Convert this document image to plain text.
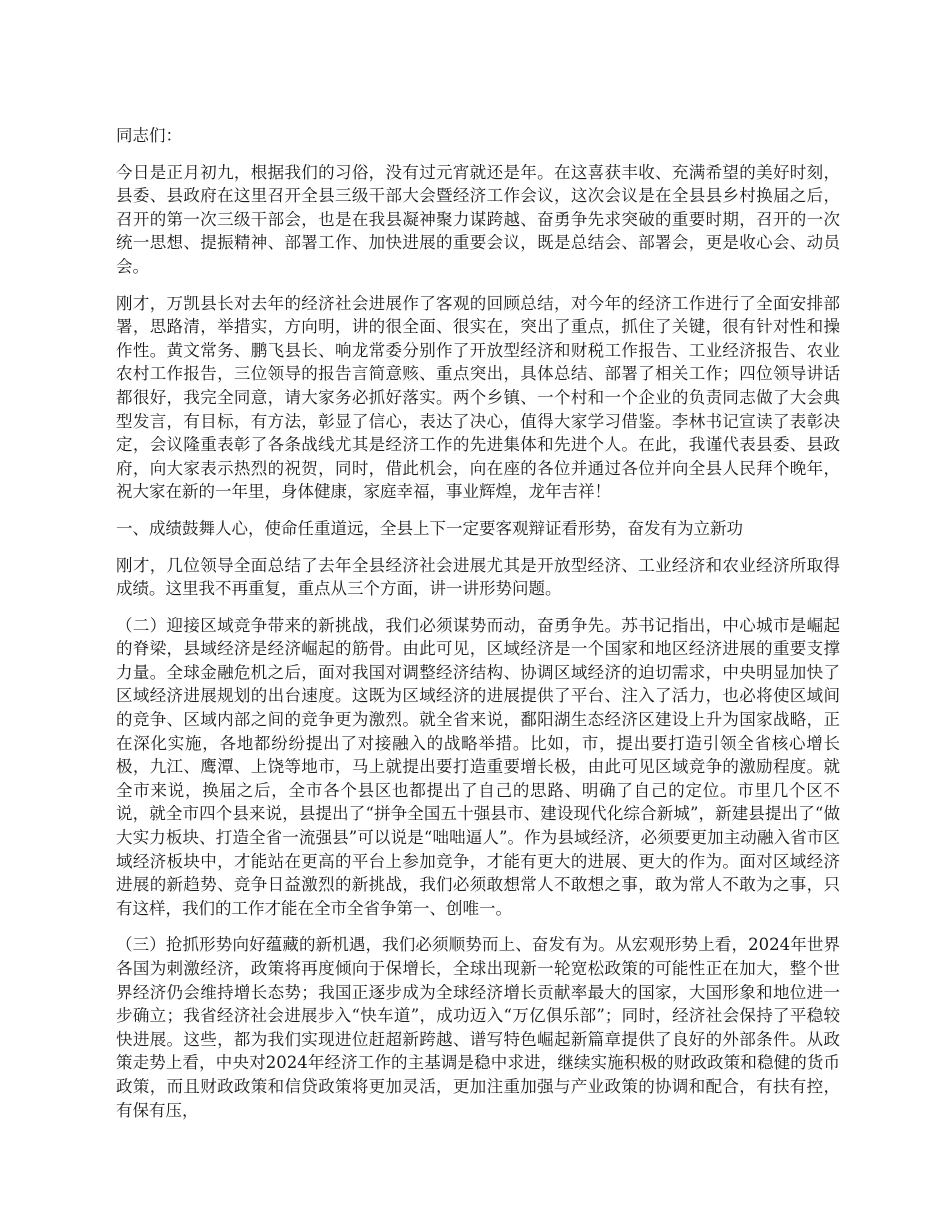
同志们：

今日是正月初九，根据我们的习俗，没有过元宵就还是年。在这喜获丰收、充满希望的美好时刻，县委、县政府在这里召开全县三级干部大会暨经济工作会议，这次会议是在全县县乡村换届之后，召开的第一次三级干部会，也是在我县凝神聚力谋跨越、奋勇争先求突破的重要时期，召开的一次统一思想、提振精神、部署工作、加快进展的重要会议，既是总结会、部署会，更是收心会、动员会。

刚才，万凯县长对去年的经济社会进展作了客观的回顾总结，对今年的经济工作进行了全面安排部署，思路清，举措实，方向明，讲的很全面、很实在，突出了重点，抓住了关键，很有针对性和操作性。黄文常务、鹏飞县长、响龙常委分别作了开放型经济和财税工作报告、工业经济报告、农业农村工作报告，三位领导的报告言简意赅、重点突出，具体总结、部署了相关工作；四位领导讲话都很好，我完全同意，请大家务必抓好落实。两个乡镇、一个村和一个企业的负责同志做了大会典型发言，有目标，有方法，彰显了信心，表达了决心，值得大家学习借鉴。李林书记宣读了表彰决定，会议隆重表彰了各条战线尤其是经济工作的先进集体和先进个人。在此，我谨代表县委、县政府，向大家表示热烈的祝贺，同时，借此机会，向在座的各位并通过各位并向全县人民拜个晚年，祝大家在新的一年里，身体健康，家庭幸福，事业辉煌，龙年吉祥！

一、成绩鼓舞人心，使命任重道远，全县上下一定要客观辩证看形势，奋发有为立新功

刚才，几位领导全面总结了去年全县经济社会进展尤其是开放型经济、工业经济和农业经济所取得成绩。这里我不再重复，重点从三个方面，讲一讲形势问题。

（二）迎接区域竞争带来的新挑战，我们必须谋势而动，奋勇争先。苏书记指出，中心城市是崛起的脊梁，县域经济是经济崛起的筋骨。由此可见，区域经济是一个国家和地区经济进展的重要支撑力量。全球金融危机之后，面对我国对调整经济结构、协调区域经济的迫切需求，中央明显加快了区域经济进展规划的出台速度。这既为区域经济的进展提供了平台、注入了活力，也必将使区域间的竞争、区域内部之间的竞争更为激烈。就全省来说，鄱阳湖生态经济区建设上升为国家战略，正在深化实施，各地都纷纷提出了对接融入的战略举措。比如，市，提出要打造引领全省核心增长极，九江、鹰潭、上饶等地市，马上就提出要打造重要增长极，由此可见区域竞争的激励程度。就全市来说，换届之后，全市各个县区也都提出了自己的思路、明确了自己的定位。市里几个区不说，就全市四个县来说，县提出了“拼争全国五十强县市、建设现代化综合新城”，新建县提出了“做大实力板块、打造全省一流强县”可以说是“咄咄逼人”。作为县域经济，必须要更加主动融入省市区域经济板块中，才能站在更高的平台上参加竞争，才能有更大的进展、更大的作为。面对区域经济进展的新趋势、竞争日益激烈的新挑战，我们必须敢想常人不敢想之事，敢为常人不敢为之事，只有这样，我们的工作才能在全市全省争第一、创唯一。

（三）抢抓形势向好蕴藏的新机遇，我们必须顺势而上、奋发有为。从宏观形势上看，2024年世界各国为刺激经济，政策将再度倾向于保增长，全球出现新一轮宽松政策的可能性正在加大，整个世界经济仍会维持增长态势；我国正逐步成为全球经济增长贡献率最大的国家，大国形象和地位进一步确立；我省经济社会进展步入“快车道”，成功迈入“万亿俱乐部”；同时，经济社会保持了平稳较快进展。这些，都为我们实现进位赶超新跨越、谱写特色崛起新篇章提供了良好的外部条件。从政策走势上看，中央对2024年经济工作的主基调是稳中求进，继续实施积极的财政政策和稳健的货币政策，而且财政政策和信贷政策将更加灵活，更加注重加强与产业政策的协调和配合，有扶有控，有保有压，
